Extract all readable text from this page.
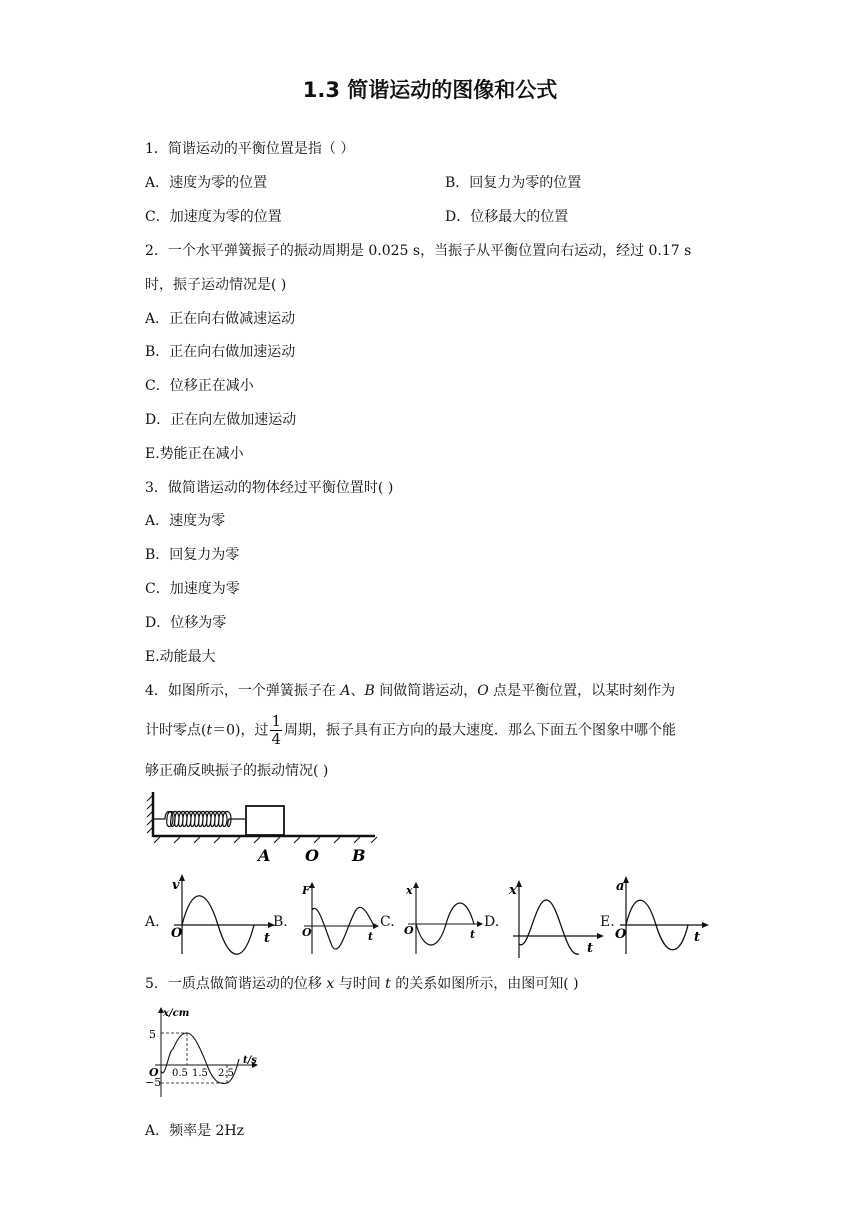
1.3 简谐运动的图像和公式
1．简谐运动的平衡位置是指（ ）
A．速度为零的位置	B．回复力为零的位置
C．加速度为零的位置	D．位移最大的位置
2．一个水平弹簧振子的振动周期是 0.025 s，当振子从平衡位置向右运动，经过 0.17 s
时，振子运动情况是( )
A．正在向右做减速运动
B．正在向右做加速运动
C．位移正在减小
D．正在向左做加速运动
E.势能正在减小
3．做简谐运动的物体经过平衡位置时( )
A．速度为零
B．回复力为零
C．加速度为零
D．位移为零
E.动能最大
4．如图所示，一个弹簧振子在 A、B 间做简谐运动，O 点是平衡位置，以某时刻作为
计时零点(t＝0)，过 $\frac{1}{4}$ 周期，振子具有正方向的最大速度．那么下面五个图象中哪个能
够正确反映振子的振动情况( )
A O B
A.
v
O	t
B.
F
O	t
C.
x
O	t
D.
x
t
E.
a
O	t
5．一质点做简谐运动的位移 x 与时间 t 的关系如图所示，由图可知( )
x/cm
t/s
5
−5
O 0.5 1.5 2.5
A．频率是 2Hz
